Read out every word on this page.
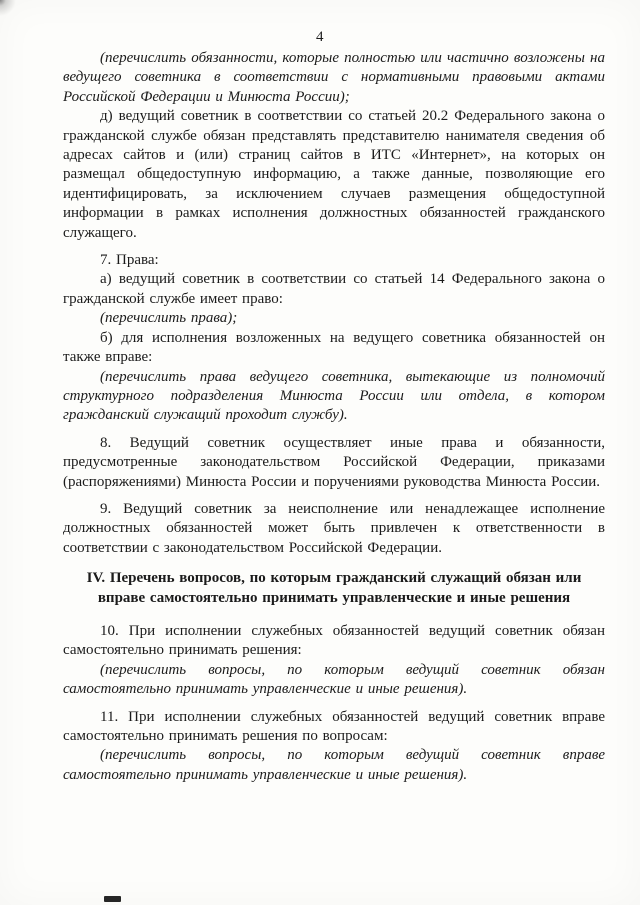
4

(перечислить обязанности, которые полностью или частично возложены на ведущего советника в соответствии с нормативными правовыми актами Российской Федерации и Минюста России);

д) ведущий советник в соответствии со статьей 20.2 Федерального закона о гражданской службе обязан представлять представителю нанимателя сведения об адресах сайтов и (или) страниц сайтов в ИТС «Интернет», на которых он размещал общедоступную информацию, а также данные, позволяющие его идентифицировать, за исключением случаев размещения общедоступной информации в рамках исполнения должностных обязанностей гражданского служащего.

7. Права:

а) ведущий советник в соответствии со статьей 14 Федерального закона о гражданской службе имеет право:

(перечислить права);

б) для исполнения возложенных на ведущего советника обязанностей он также вправе:

(перечислить права ведущего советника, вытекающие из полномочий структурного подразделения Минюста России или отдела, в котором гражданский служащий проходит службу).

8. Ведущий советник осуществляет иные права и обязанности, предусмотренные законодательством Российской Федерации, приказами (распоряжениями) Минюста России и поручениями руководства Минюста России.

9. Ведущий советник за неисполнение или ненадлежащее исполнение должностных обязанностей может быть привлечен к ответственности в соответствии с законодательством Российской Федерации.

IV. Перечень вопросов, по которым гражданский служащий обязан или вправе самостоятельно принимать управленческие и иные решения

10. При исполнении служебных обязанностей ведущий советник обязан самостоятельно принимать решения:

(перечислить вопросы, по которым ведущий советник обязан самостоятельно принимать управленческие и иные решения).

11. При исполнении служебных обязанностей ведущий советник вправе самостоятельно принимать решения по вопросам:

(перечислить вопросы, по которым ведущий советник вправе самостоятельно принимать управленческие и иные решения).
